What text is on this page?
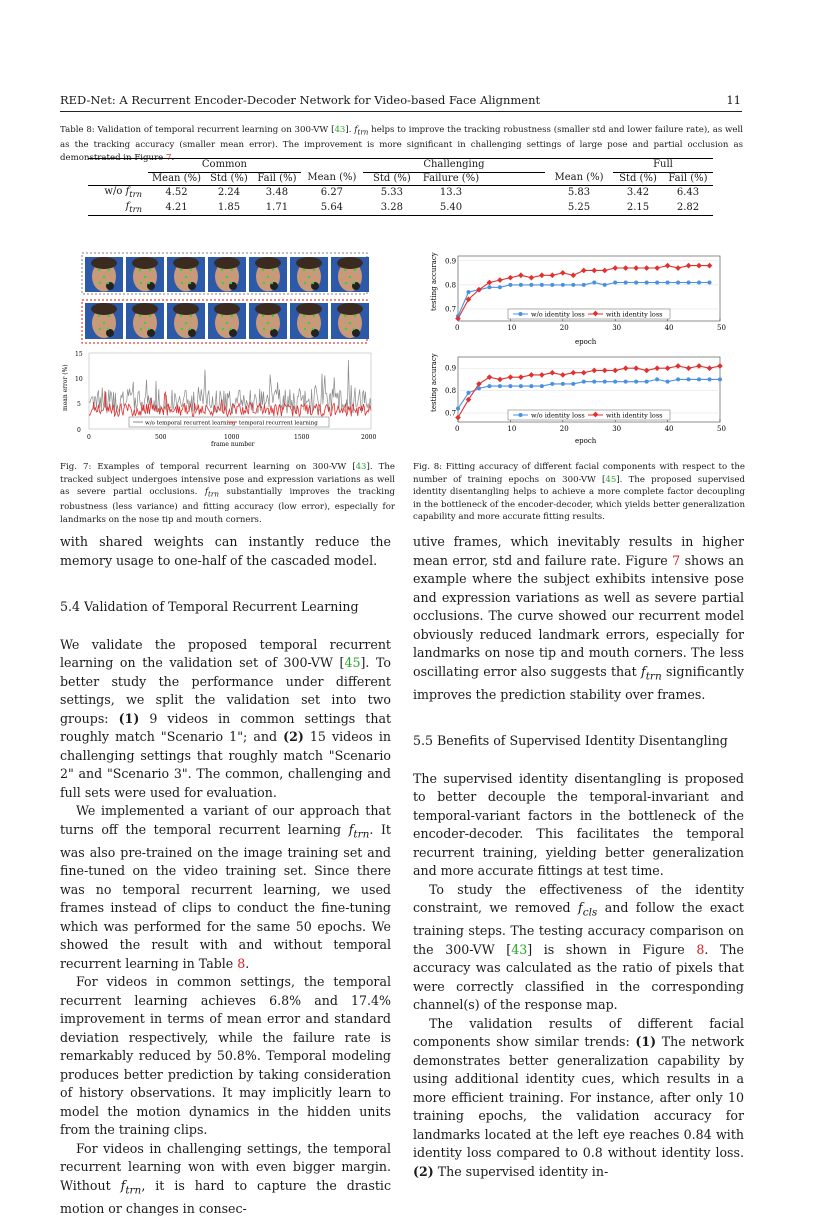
RED-Net: A Recurrent Encoder-Decoder Network for Video-based Face Alignment	11
Table 8: Validation of temporal recurrent learning on 300-VW [43]. $f_{trn}$ helps to improve the tracking robustness (smaller std and lower failure rate), as well as the tracking accuracy (smaller mean error). The improvement is more significant in challenging settings of large pose and partial occlusion as demonstrated in Figure 7.
	Common				Challenging				Full	
	Mean (%)	Std (%)	Fail (%)	Mean (%)	Std (%)	Failure (%)		Mean (%)	Std (%)	Fail (%)
w/o $f_{trn}$	4.52	2.24	3.48	6.27	5.33	13.3		5.83	3.42	6.43
$f_{trn}$	4.21	1.85	1.71	5.64	3.28	5.40		5.25	2.15	2.82
0
5
10
15
0	500	1000	1500	2000
mean error (%)
frame number
w/o temporal recurrent learning temporal recurrent learning
0	10	20	30	40	50
0.7
0.8
0.9
w/o identity loss	with identity loss
testing accuracy
epoch
0	10	20	30	40	50
0.7
0.8
0.9
w/o identity loss	with identity loss
testing accuracy
epoch
Fig. 7: Examples of temporal recurrent learning on 300-VW [43]. The tracked subject undergoes intensive pose and expression variations as well as severe partial occlusions. $f_{trn}$ substantially improves the tracking robustness (less variance) and fitting accuracy (low error), especially for landmarks on the nose tip and mouth corners.
Fig. 8: Fitting accuracy of different facial components with respect to the number of training epochs on 300-VW [45]. The proposed supervised identity disentangling helps to achieve a more complete factor decoupling in the bottleneck of the encoder-decoder, which yields better generalization capability and more accurate fitting results.

with shared weights can instantly reduce the memory usage to one-half of the cascaded model.

5.4 Validation of Temporal Recurrent Learning

We validate the proposed temporal recurrent learning on the validation set of 300-VW [45]. To better study the performance under different settings, we split the validation set into two groups: (1) 9 videos in common settings that roughly match "Scenario 1"; and (2) 15 videos in challenging settings that roughly match "Scenario 2" and "Scenario 3". The common, challenging and full sets were used for evaluation.

We implemented a variant of our approach that turns off the temporal recurrent learning $f_{trn}$. It was also pre-trained on the image training set and fine-tuned on the video training set. Since there was no temporal recurrent learning, we used frames instead of clips to conduct the fine-tuning which was performed for the same 50 epochs. We showed the result with and without temporal recurrent learning in Table 8.

For videos in common settings, the temporal recurrent learning achieves 6.8% and 17.4% improvement in terms of mean error and standard deviation respectively, while the failure rate is remarkably reduced by 50.8%. Temporal modeling produces better prediction by taking consideration of history observations. It may implicitly learn to model the motion dynamics in the hidden units from the training clips.

For videos in challenging settings, the temporal recurrent learning won with even bigger margin. Without $f_{trn}$, it is hard to capture the drastic motion or changes in consec-

utive frames, which inevitably results in higher mean error, std and failure rate. Figure 7 shows an example where the subject exhibits intensive pose and expression variations as well as severe partial occlusions. The curve showed our recurrent model obviously reduced landmark errors, especially for landmarks on nose tip and mouth corners. The less oscillating error also suggests that $f_{trn}$ significantly improves the prediction stability over frames.

5.5 Benefits of Supervised Identity Disentangling

The supervised identity disentangling is proposed to better decouple the temporal-invariant and temporal-variant factors in the bottleneck of the encoder-decoder. This facilitates the temporal recurrent training, yielding better generalization and more accurate fittings at test time.

To study the effectiveness of the identity constraint, we removed $f_{cls}$ and follow the exact training steps. The testing accuracy comparison on the 300-VW [43] is shown in Figure 8. The accuracy was calculated as the ratio of pixels that were correctly classified in the corresponding channel(s) of the response map.

The validation results of different facial components show similar trends: (1) The network demonstrates better generalization capability by using additional identity cues, which results in a more efficient training. For instance, after only 10 training epochs, the validation accuracy for landmarks located at the left eye reaches 0.84 with identity loss compared to 0.8 without identity loss. (2) The supervised identity in-
